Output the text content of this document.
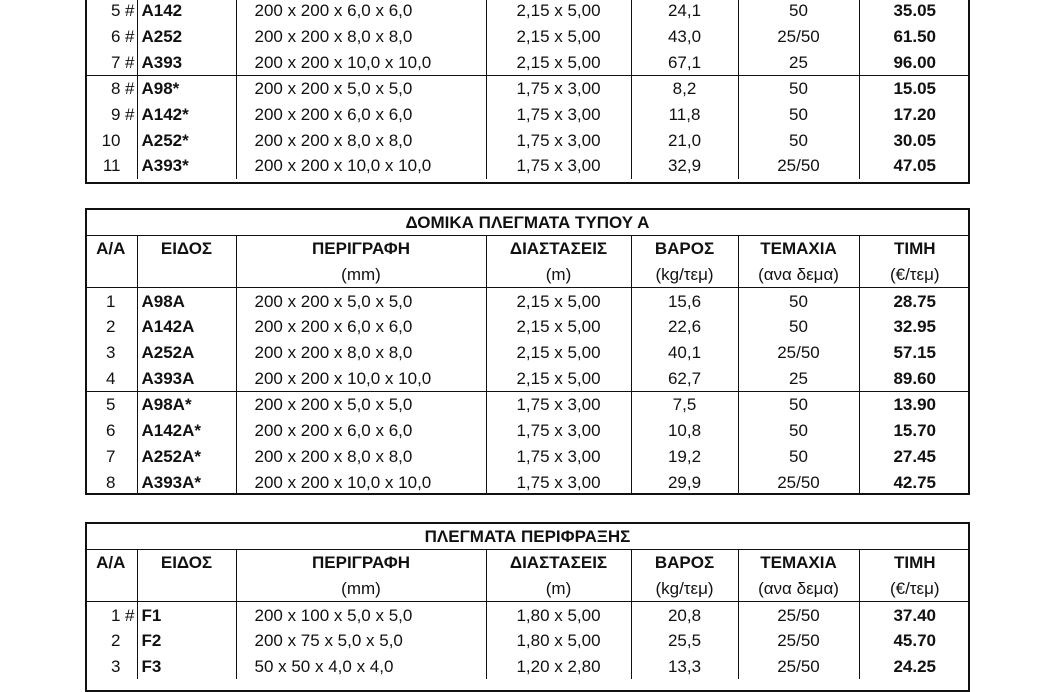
5 #	A142	200 x 200 x 6,0 x 6,0	2,15 x 5,00	24,1	50	35.05
6 #	A252	200 x 200 x 8,0 x 8,0	2,15 x 5,00	43,0	25/50	61.50
7 #	A393	200 x 200 x 10,0 x 10,0	2,15 x 5,00	67,1	25	96.00
8 #	A98*	200 x 200 x 5,0 x 5,0	1,75 x 3,00	8,2	50	15.05
9 #	A142*	200 x 200 x 6,0 x 6,0	1,75 x 3,00	11,8	50	17.20
10	A252*	200 x 200 x 8,0 x 8,0	1,75 x 3,00	21,0	50	30.05
11	A393*	200 x 200 x 10,0 x 10,0	1,75 x 3,00	32,9	25/50	47.05
ΔΟΜΙΚΑ ΠΛΕΓΜΑΤΑ ΤΥΠΟΥ Α						
Α/Α	ΕΙΔΟΣ	ΠΕΡΙΓΡΑΦΗ	ΔΙΑΣΤΑΣΕΙΣ	ΒΑΡΟΣ	ΤΕΜΑΧΙΑ	ΤΙΜΗ
		(mm)	(m)	(kg/τεμ)	(ανα δεμα)	(€/τεμ)
1	A98A	200 x 200 x 5,0 x 5,0	2,15 x 5,00	15,6	50	28.75
2	A142A	200 x 200 x 6,0 x 6,0	2,15 x 5,00	22,6	50	32.95
3	A252A	200 x 200 x 8,0 x 8,0	2,15 x 5,00	40,1	25/50	57.15
4	A393A	200 x 200 x 10,0 x 10,0	2,15 x 5,00	62,7	25	89.60
5	A98A*	200 x 200 x 5,0 x 5,0	1,75 x 3,00	7,5	50	13.90
6	A142A*	200 x 200 x 6,0 x 6,0	1,75 x 3,00	10,8	50	15.70
7	A252A*	200 x 200 x 8,0 x 8,0	1,75 x 3,00	19,2	50	27.45
8	A393A*	200 x 200 x 10,0 x 10,0	1,75 x 3,00	29,9	25/50	42.75
ΠΛΕΓΜΑΤΑ ΠΕΡΙΦΡΑΞΗΣ						
Α/Α	ΕΙΔΟΣ	ΠΕΡΙΓΡΑΦΗ	ΔΙΑΣΤΑΣΕΙΣ	ΒΑΡΟΣ	ΤΕΜΑΧΙΑ	ΤΙΜΗ
		(mm)	(m)	(kg/τεμ)	(ανα δεμα)	(€/τεμ)
1 #	F1	200 x 100 x 5,0 x 5,0	1,80 x 5,00	20,8	25/50	37.40
2	F2	200 x 75 x 5,0 x 5,0	1,80 x 5,00	25,5	25/50	45.70
3	F3	50 x 50 x 4,0 x 4,0	1,20 x 2,80	13,3	25/50	24.25
